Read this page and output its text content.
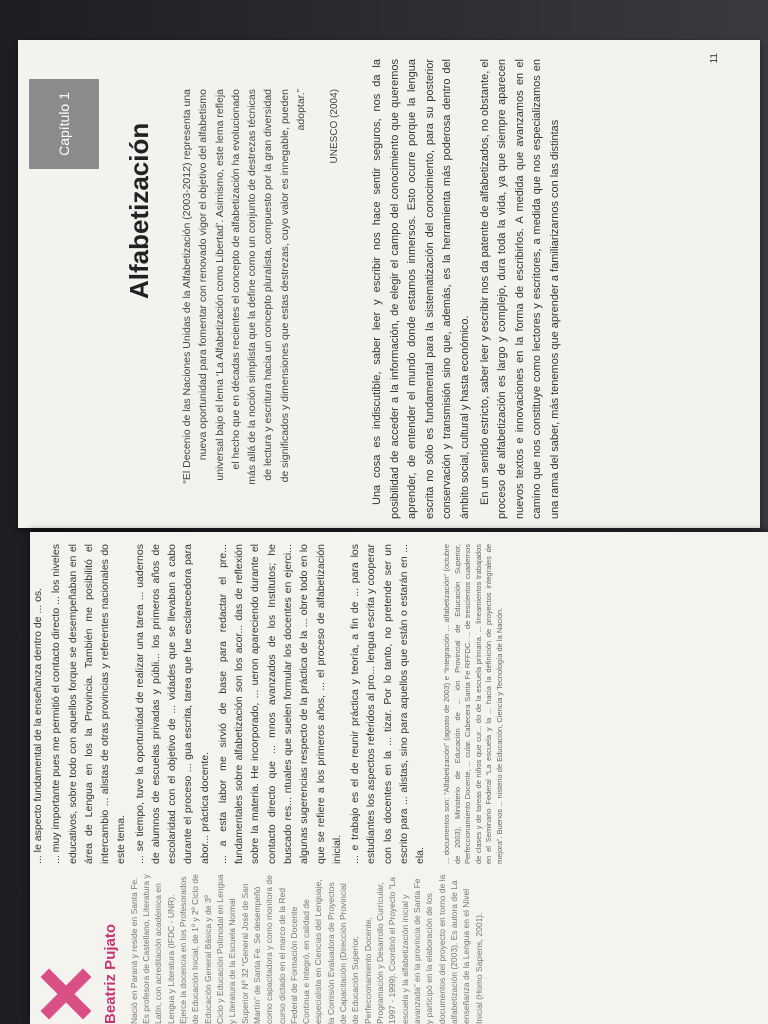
Capítulo 1 Alfabetización	“El Decenio de las Naciones Unidas de la Alfabetización (2003-2012) representa una nueva oportunidad para fomentar con renovado vigor el objetivo del alfabetismo universal bajo el lema ‘La Alfabetización como Libertad’. Asimismo, este lema refleja el hecho que en décadas recientes el concepto de alfabetización ha evolucionado más allá de la noción simplista que la define como un conjunto de destrezas técnicas de lectura y escritura hacia un concepto pluralista, compuesto por la gran diversidad de significados y dimensiones que estas destrezas, cuyo valor es innegable, pueden adoptar.” UNESCO (2004)	Una cosa es indiscutible, saber leer y escribir nos hace sentir seguros, nos da la posibilidad de acceder a la información, de elegir el campo del conocimiento que queremos aprender, de entender el mundo donde estamos inmersos. Esto ocurre porque la lengua escrita no sólo es fundamental para la sistematización del conocimiento, para su posterior conservación y transmisión sino que, además, es la herramienta más poderosa dentro del ámbito social, cultural y hasta económico. En un sentido estricto, saber leer y escribir nos da patente de alfabetizados, no obstante, el proceso de alfabetización es largo y complejo, dura toda la vida, ya que siempre aparecen nuevos textos e innovaciones en la forma de escribirlos. A medida que avanzamos en el camino que nos constituye como lectores y escritores, a medida que nos especializamos en una rama del saber, más tenemos que aprender a familiarizarnos con las distintas

11
Beatriz Pujato	Nació en Paraná y reside en Santa Fe. Es profesora de Castellano, Literatura y Latín, con acreditación académica en Lengua y Literatura (IFDC - UNR). Ejerce la docencia en los Profesorados de Educación Inicial, de 1º y 2º Ciclo de Educación General Básica y de 3º Ciclo y Educación Polimodal en Lengua y Literatura de la Escuela Normal Superior Nº 32 “General José de San Martín” de Santa Fe. Se desempeñó como capacitadora y como monitora de curso dictado en el marco de la Red Federal de Formación Docente Continua e integró, en calidad de especialista en Ciencias del Lenguaje, la Comisión Evaluadora de Proyectos de Capacitación (Dirección Provincial de Educación Superior, Perfeccionamiento Docente, Programación y Desarrollo Curricular, 1997 - 1999). Coordinó el Proyecto “La escuela y la alfabetización inicial y avanzada” en la provincia de Santa Fe y participó en la elaboración de los documentos del proyecto en torno de la alfabetización (2003). Es autora de La enseñanza de la Lengua en el Nivel Inicial (Homo Sapiens, 2001).

... le aspecto fundamental de la enseñanza dentro de ... os. ... muy importante pues me permitió el contacto directo ... los niveles educativos, sobre todo con aquellos forque se desempeñaban en el área de Lengua en los la Provincia. También me posibilitó el intercambio ... alistas de otras provincias y referentes nacionales do este tema. ... se tiempo, tuve la oportunidad de realizar una tarea ... uadernos de alumnos de escuelas privadas y públi... los primeros años de escolaridad con el objetivo de ... vidades que se llevaban a cabo durante el proceso ... gua escrita, tarea que fue esclarecedora para abor... práctica docente. ... a esta labor me sirvió de base para redactar el pre... fundamentales sobre alfabetización son los acor... das de reflexión sobre la materia. He incorporado, ... ueron apareciendo durante el contacto directo que ... mnos avanzados de los Institutos; he buscado res... ntuales que suelen formular los docentes en ejerci... algunas sugerencias respecto de la práctica de la ... obre todo en lo que se refiere a los primeros años, ... el proceso de alfabetización inicial. ... e trabajo es el de reunir práctica y teoría, a fin de ... para los estudiantes los aspectos referidos al pro... lengua escrita y cooperar con los docentes en la ... tizar. Por lo tanto, no pretende ser un escrito para ... alistas, sino para aquellos que están o estarán en ... ela.	... documentos son: “Alfabetización” (agosto de 2003) e “Integración ... alfabetización” (octubre de 2003), Ministerio de Educación de ... ión Provincial de Educación Superior, Perfeccionamiento Docente, ... cular. Cabecera Santa Fe RFFDC. ... de trescientos cuadernos de clases y de tareas de niños que cur... do de la escuela primaria. ... lineamientos trabajados en el Seminario Federal “La escuela y la ... hacia la definición de proyectos integrales de mejora”. Buenos ... nisterio de Educación, Ciencia y Tecnología de la Nación.
